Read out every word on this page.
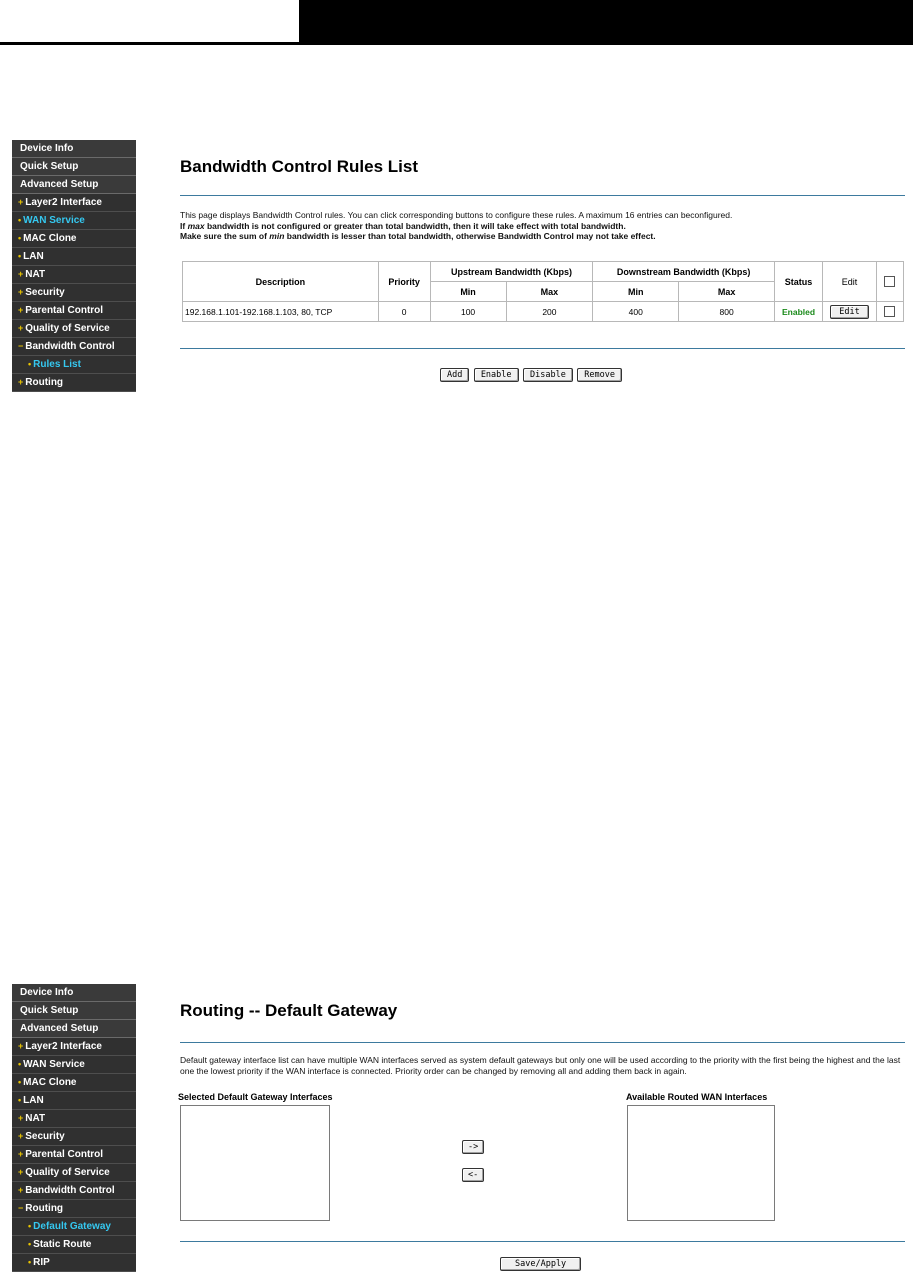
Device Info
Quick Setup
Advanced Setup
+ Layer2 Interface
• WAN Service
• MAC Clone
• LAN
+ NAT
+ Security
+ Parental Control
+ Quality of Service
− Bandwidth Control
• Rules List
+ Routing
Bandwidth Control Rules List
This page displays Bandwidth Control rules. You can click corresponding buttons to configure these rules. A maximum 16 entries can beconfigured.
If max bandwidth is not configured or greater than total bandwidth, then it will take effect with total bandwidth.
Make sure the sum of min bandwidth is lesser than total bandwidth, otherwise Bandwidth Control may not take effect.
Description	Priority	Upstream Bandwidth (Kbps)		Downstream Bandwidth (Kbps)		Status	Edit	
		Min	Max	Min	Max			
192.168.1.101-192.168.1.103, 80, TCP	0	100	200	400	800	Enabled	Edit	
Add Enable Disable Remove
Device Info
Quick Setup
Advanced Setup
+ Layer2 Interface
• WAN Service
• MAC Clone
• LAN
+ NAT
+ Security
+ Parental Control
+ Quality of Service
+ Bandwidth Control
− Routing
• Default Gateway
• Static Route
• RIP
Routing -- Default Gateway
Default gateway interface list can have multiple WAN interfaces served as system default gateways but only one will be used according to the priority with the first being the highest and the last one the lowest priority if the WAN interface is connected. Priority order can be changed by removing all and adding them back in again.
Selected Default Gateway Interfaces	Available Routed WAN Interfaces
->
<-
Save/Apply
